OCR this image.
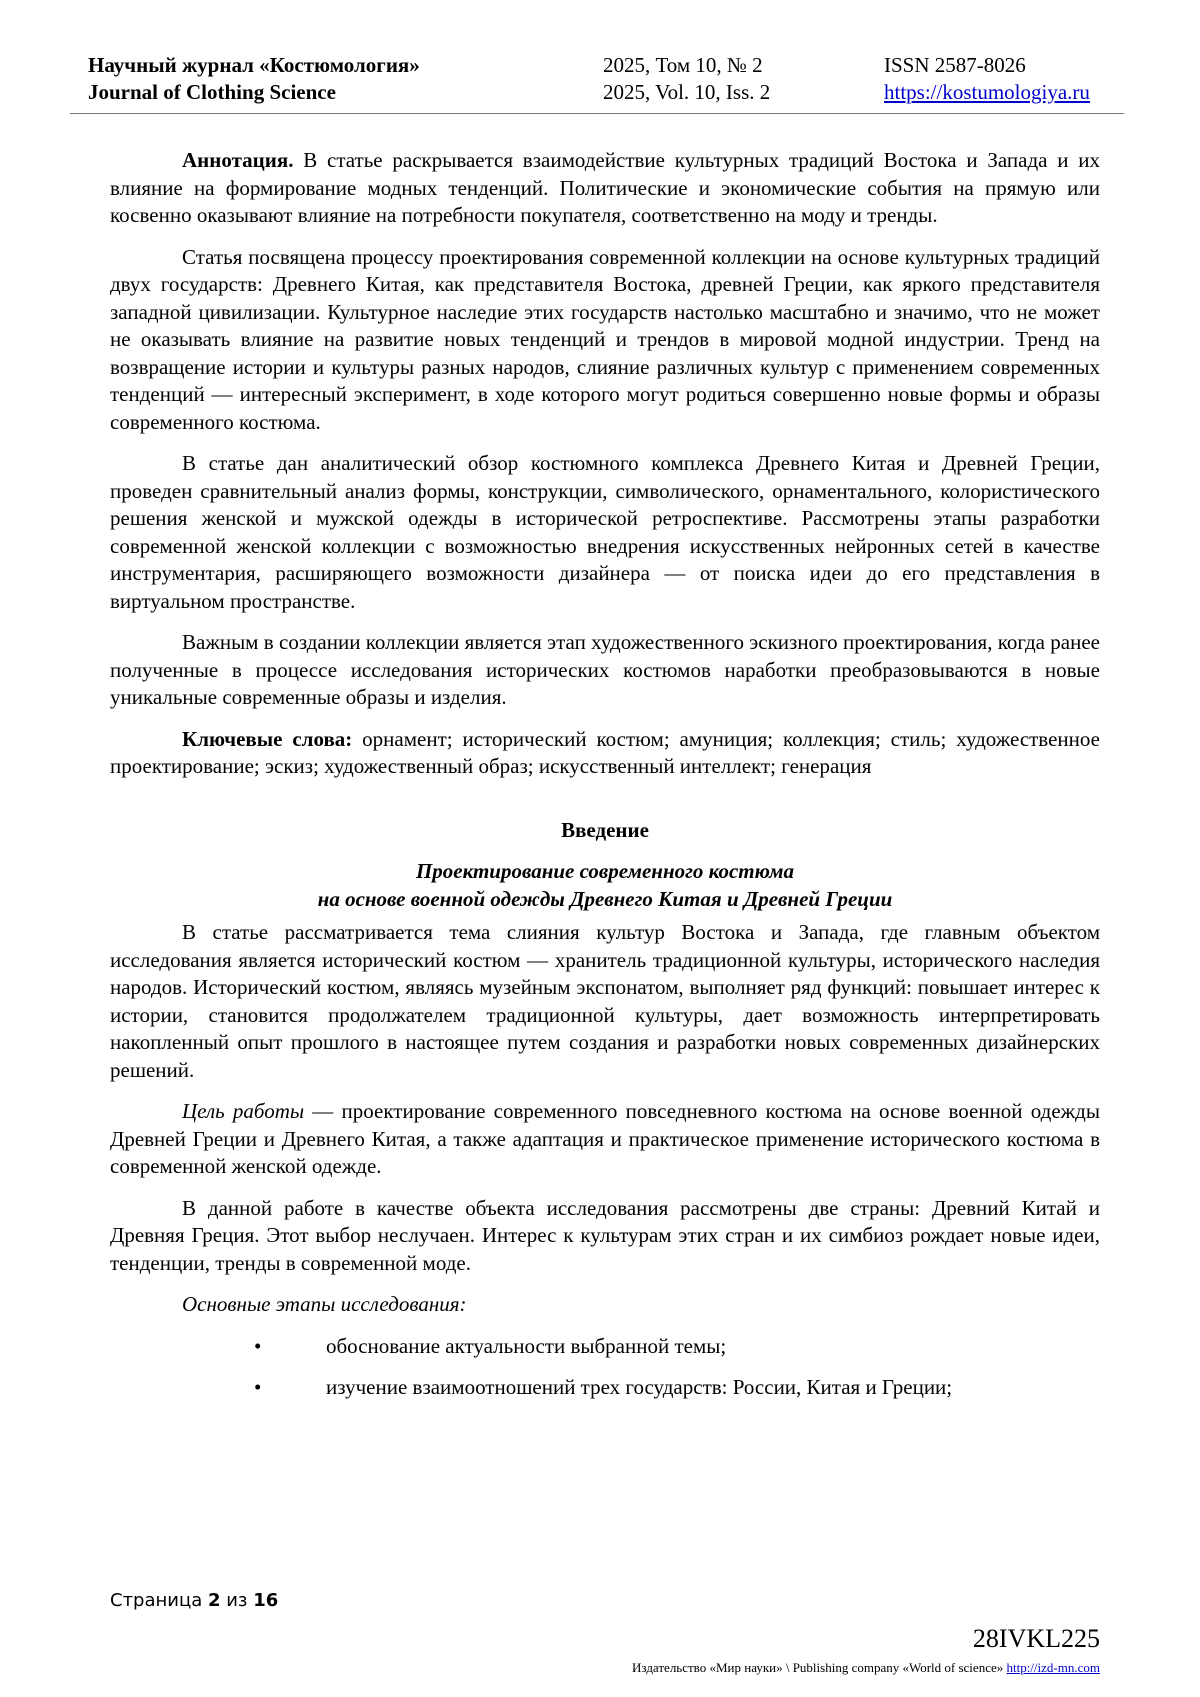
Научный журнал «Костюмология»
Journal of Clothing Science
2025, Том 10, № 2
2025, Vol. 10, Iss. 2
ISSN 2587-8026
https://kostumologiya.ru

Аннотация. В статье раскрывается взаимодействие культурных традиций Востока и Запада и их влияние на формирование модных тенденций. Политические и экономические события на прямую или косвенно оказывают влияние на потребности покупателя, соответственно на моду и тренды.

Статья посвящена процессу проектирования современной коллекции на основе культурных традиций двух государств: Древнего Китая, как представителя Востока, древней Греции, как яркого представителя западной цивилизации. Культурное наследие этих государств настолько масштабно и значимо, что не может не оказывать влияние на развитие новых тенденций и трендов в мировой модной индустрии. Тренд на возвращение истории и культуры разных народов, слияние различных культур с применением современных тенденций — интересный эксперимент, в ходе которого могут родиться совершенно новые формы и образы современного костюма.

В статье дан аналитический обзор костюмного комплекса Древнего Китая и Древней Греции, проведен сравнительный анализ формы, конструкции, символического, орнаментального, колористического решения женской и мужской одежды в исторической ретроспективе. Рассмотрены этапы разработки современной женской коллекции с возможностью внедрения искусственных нейронных сетей в качестве инструментария, расширяющего возможности дизайнера — от поиска идеи до его представления в виртуальном пространстве.

Важным в создании коллекции является этап художественного эскизного проектирования, когда ранее полученные в процессе исследования исторических костюмов наработки преобразовываются в новые уникальные современные образы и изделия.

Ключевые слова: орнамент; исторический костюм; амуниция; коллекция; стиль; художественное проектирование; эскиз; художественный образ; искусственный интеллект; генерация

Введение

Проектирование современного костюма
на основе военной одежды Древнего Китая и Древней Греции

В статье рассматривается тема слияния культур Востока и Запада, где главным объектом исследования является исторический костюм — хранитель традиционной культуры, исторического наследия народов. Исторический костюм, являясь музейным экспонатом, выполняет ряд функций: повышает интерес к истории, становится продолжателем традиционной культуры, дает возможность интерпретировать накопленный опыт прошлого в настоящее путем создания и разработки новых современных дизайнерских решений.

Цель работы — проектирование современного повседневного костюма на основе военной одежды Древней Греции и Древнего Китая, а также адаптация и практическое применение исторического костюма в современной женской одежде.

В данной работе в качестве объекта исследования рассмотрены две страны: Древний Китай и Древняя Греция. Этот выбор неслучаен. Интерес к культурам этих стран и их симбиоз рождает новые идеи, тенденции, тренды в современной моде.

Основные этапы исследования:

•	обоснование актуальности выбранной темы;

•	изучение взаимоотношений трех государств: России, Китая и Греции;

Страница 2 из 16
28IVKL225
Издательство «Мир науки» \ Publishing company «World of science» http://izd-mn.com
